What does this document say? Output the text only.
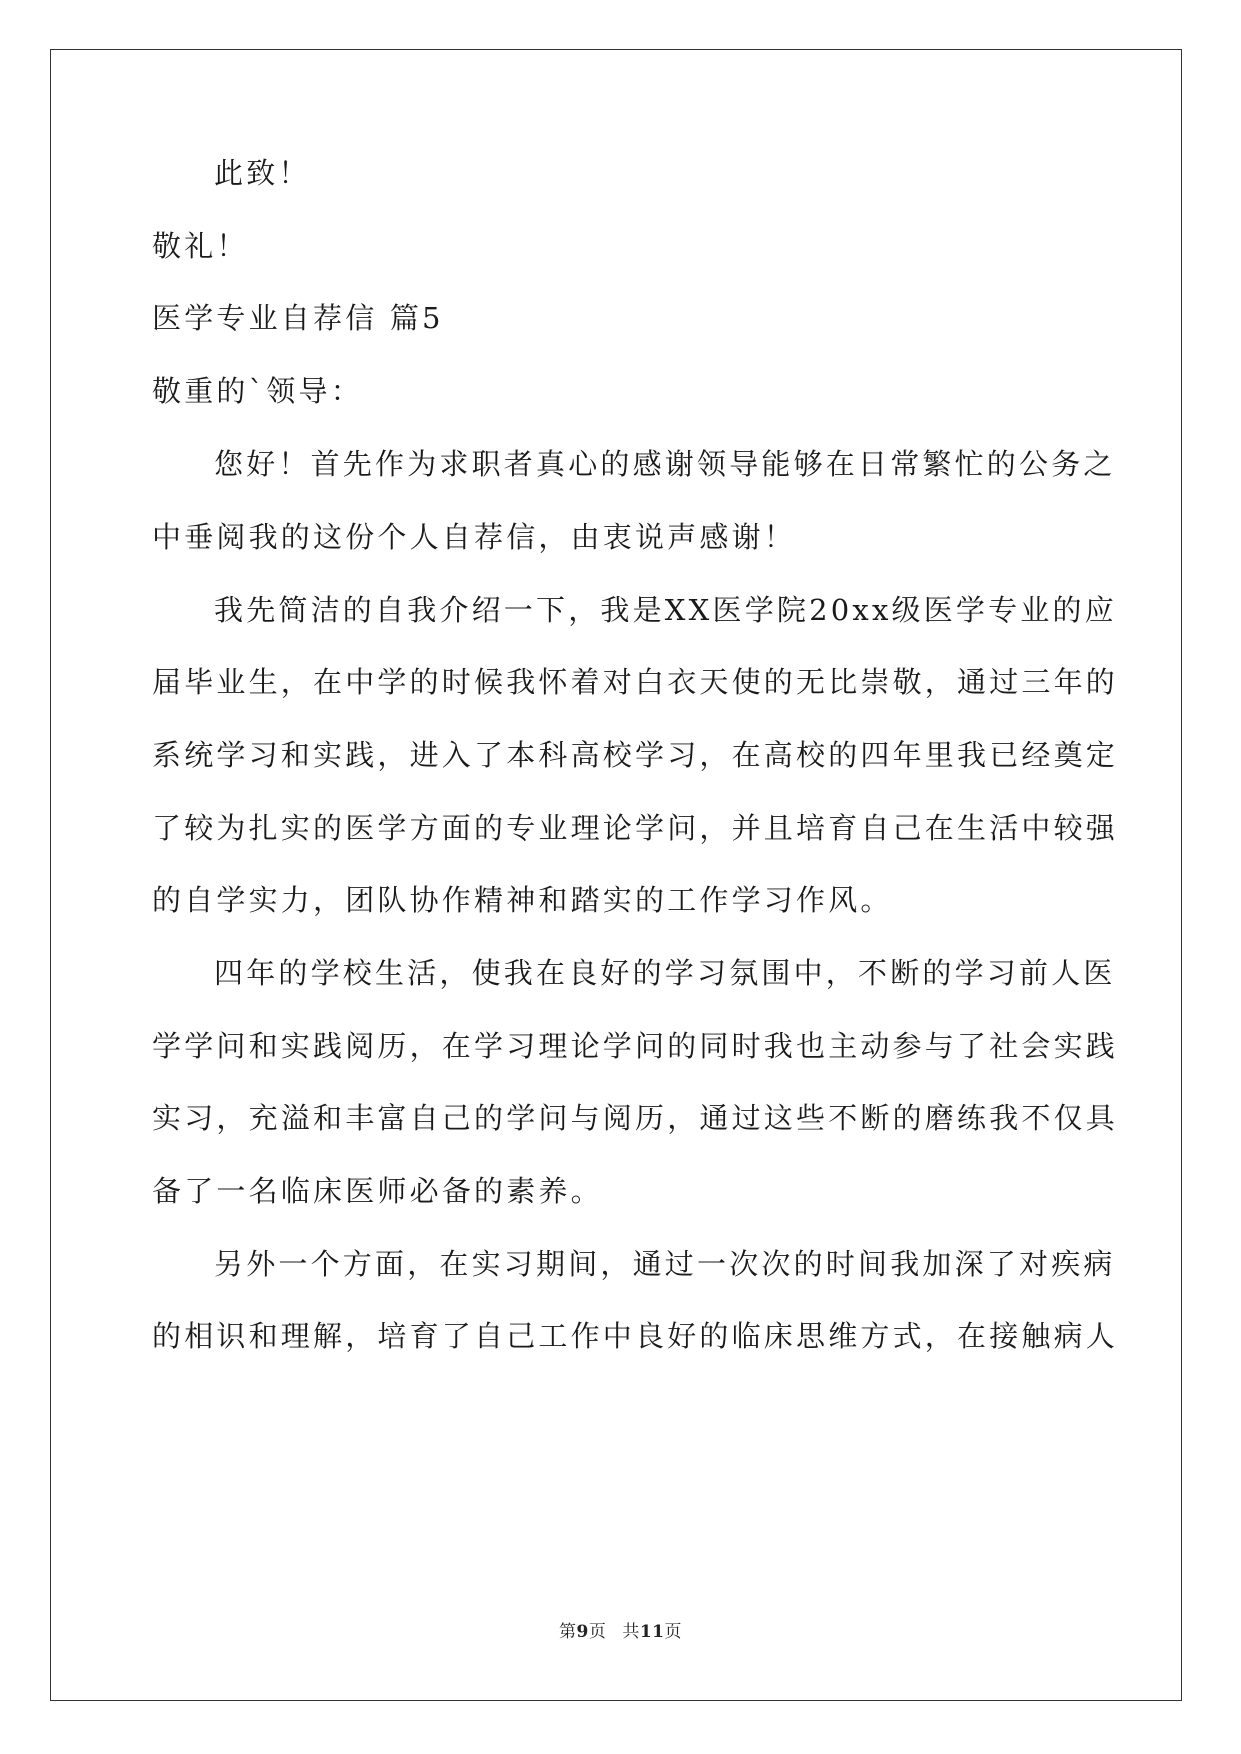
此致！
敬礼！
医学专业自荐信 篇5
敬重的`领导：
您好！首先作为求职者真心的感谢领导能够在日常繁忙的公务之
中垂阅我的这份个人自荐信，由衷说声感谢！
我先简洁的自我介绍一下，我是XX医学院20xx级医学专业的应
届毕业生，在中学的时候我怀着对白衣天使的无比崇敬，通过三年的
系统学习和实践，进入了本科高校学习，在高校的四年里我已经奠定
了较为扎实的医学方面的专业理论学问，并且培育自己在生活中较强
的自学实力，团队协作精神和踏实的工作学习作风。
四年的学校生活，使我在良好的学习氛围中，不断的学习前人医
学学问和实践阅历，在学习理论学问的同时我也主动参与了社会实践
实习，充溢和丰富自己的学问与阅历，通过这些不断的磨练我不仅具
备了一名临床医师必备的素养。
另外一个方面，在实习期间，通过一次次的时间我加深了对疾病
的相识和理解，培育了自己工作中良好的临床思维方式，在接触病人
第9页 共11页
